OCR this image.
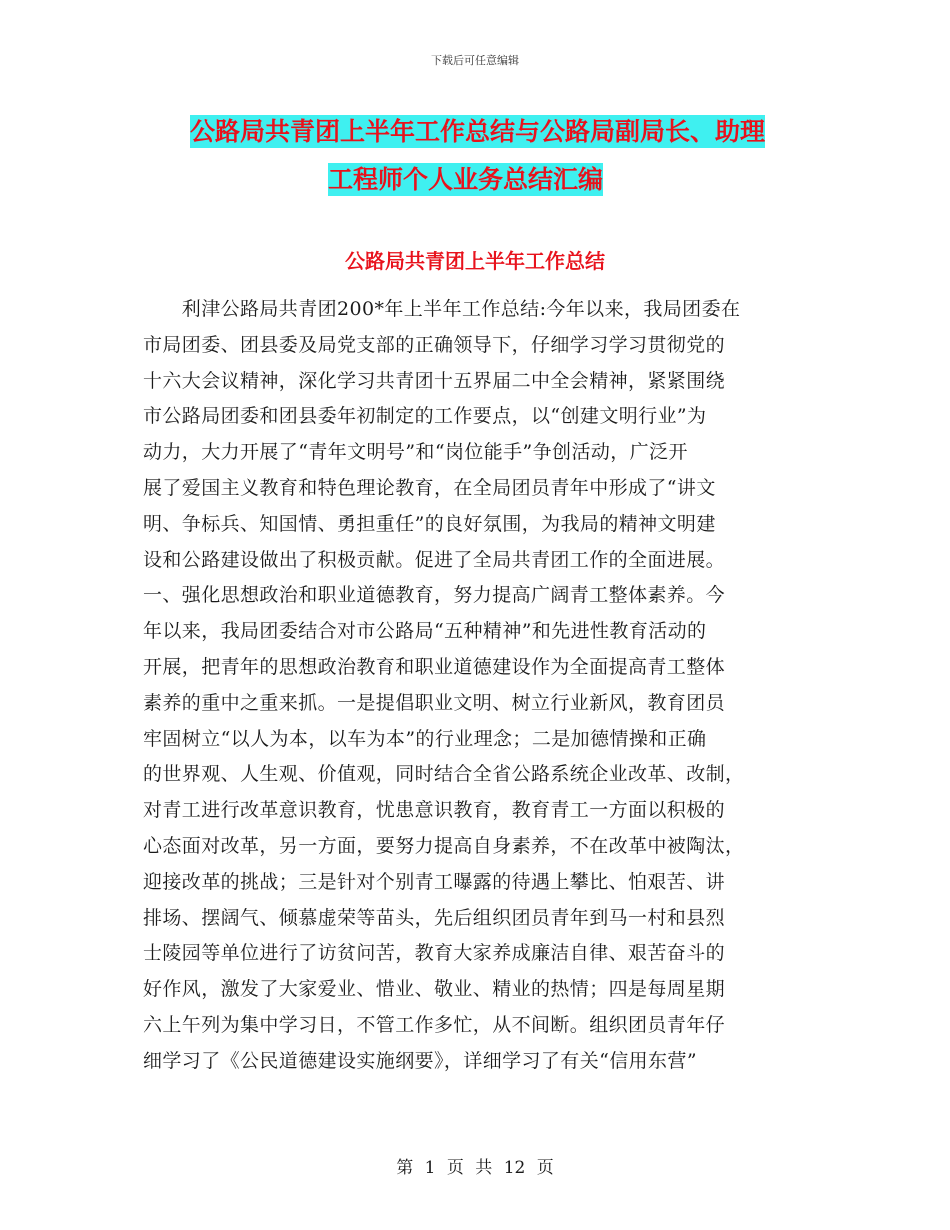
下载后可任意编辑
公路局共青团上半年工作总结与公路局副局长、助理
工程师个人业务总结汇编
公路局共青团上半年工作总结
　　利津公路局共青团200*年上半年工作总结:今年以来，我局团委在
市局团委、团县委及局党支部的正确领导下，仔细学习学习贯彻党的
十六大会议精神，深化学习共青团十五界届二中全会精神，紧紧围绕
市公路局团委和团县委年初制定的工作要点，以“创建文明行业”为
动力，大力开展了“青年文明号”和“岗位能手”争创活动，广泛开
展了爱国主义教育和特色理论教育，在全局团员青年中形成了“讲文
明、争标兵、知国情、勇担重任”的良好氛围，为我局的精神文明建
设和公路建设做出了积极贡献。促进了全局共青团工作的全面进展。
一、强化思想政治和职业道德教育，努力提高广阔青工整体素养。今
年以来，我局团委结合对市公路局“五种精神”和先进性教育活动的
开展，把青年的思想政治教育和职业道德建设作为全面提高青工整体
素养的重中之重来抓。一是提倡职业文明、树立行业新风，教育团员
牢固树立“以人为本，以车为本”的行业理念；二是加德情操和正确
的世界观、人生观、价值观，同时结合全省公路系统企业改革、改制，
对青工进行改革意识教育，忧患意识教育，教育青工一方面以积极的
心态面对改革，另一方面，要努力提高自身素养，不在改革中被陶汰，
迎接改革的挑战；三是针对个别青工曝露的待遇上攀比、怕艰苦、讲
排场、摆阔气、倾慕虚荣等苗头，先后组织团员青年到马一村和县烈
士陵园等单位进行了访贫问苦，教育大家养成廉洁自律、艰苦奋斗的
好作风，激发了大家爱业、惜业、敬业、精业的热情；四是每周星期
六上午列为集中学习日，不管工作多忙，从不间断。组织团员青年仔
细学习了《公民道德建设实施纲要》，详细学习了有关“信用东营”
第 1 页 共 12 页
